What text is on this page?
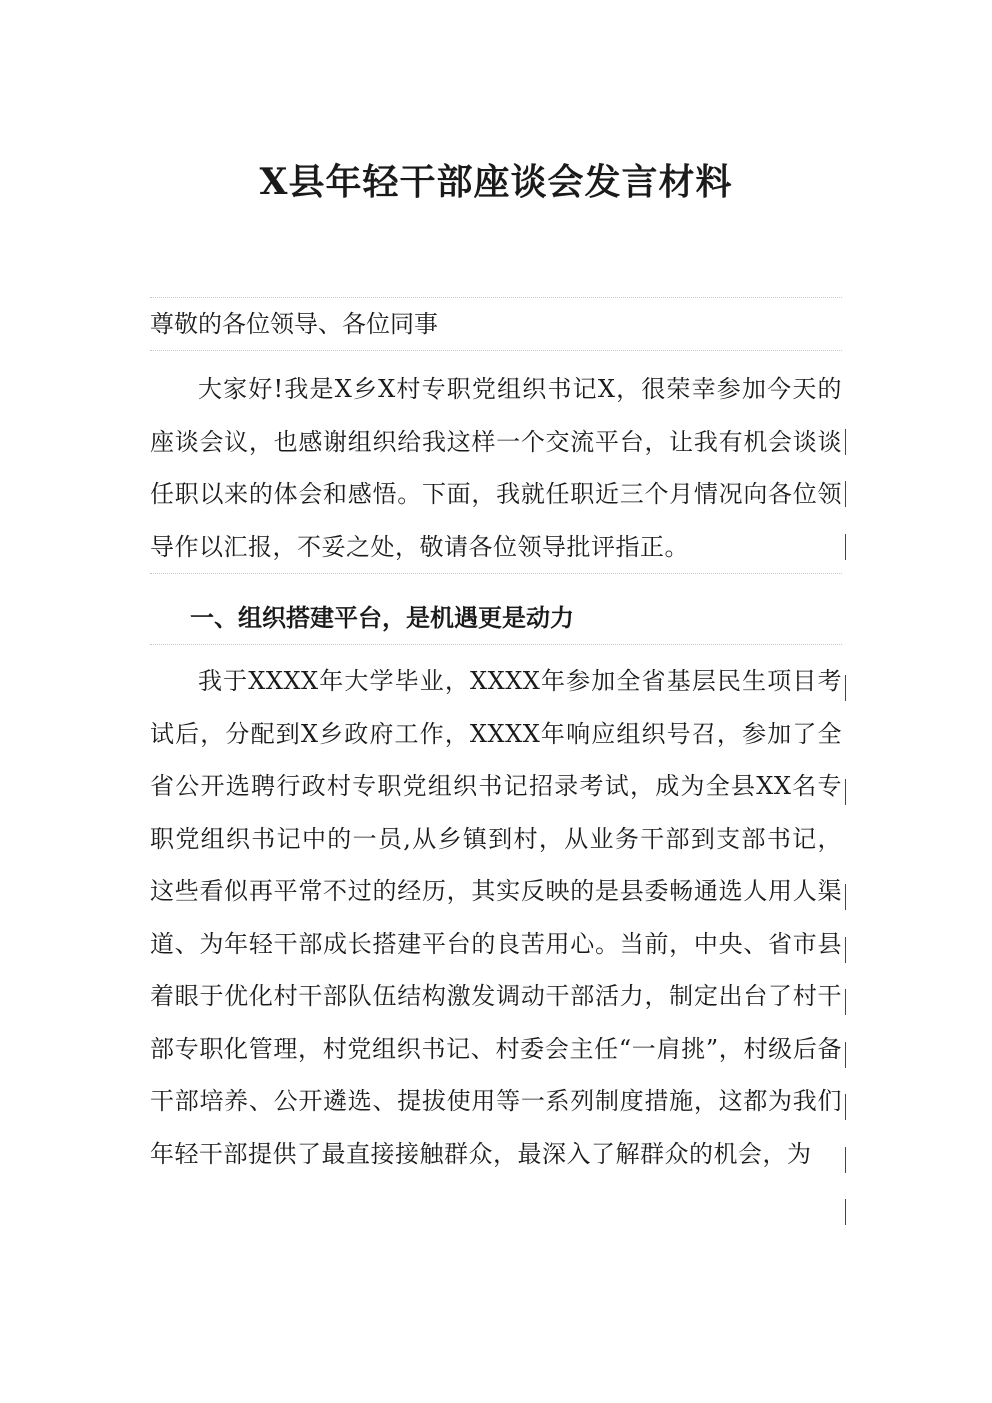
X县年轻干部座谈会发言材料

尊敬的各位领导、各位同事

大家好!我是X乡X村专职党组织书记X，很荣幸参加今天的座谈会议，也感谢组织给我这样一个交流平台，让我有机会谈谈任职以来的体会和感悟。下面，我就任职近三个月情况向各位领导作以汇报，不妥之处，敬请各位领导批评指正。

一、组织搭建平台，是机遇更是动力

我于XXXX年大学毕业，XXXX年参加全省基层民生项目考试后，分配到X乡政府工作，XXXX年响应组织号召，参加了全省公开选聘行政村专职党组织书记招录考试，成为全县XX名专职党组织书记中的一员,从乡镇到村，从业务干部到支部书记，这些看似再平常不过的经历，其实反映的是县委畅通选人用人渠道、为年轻干部成长搭建平台的良苦用心。当前，中央、省市县着眼于优化村干部队伍结构激发调动干部活力，制定出台了村干部专职化管理，村党组织书记、村委会主任“一肩挑”，村级后备干部培养、公开遴选、提拔使用等一系列制度措施，这都为我们年轻干部提供了最直接接触群众，最深入了解群众的机会，为
